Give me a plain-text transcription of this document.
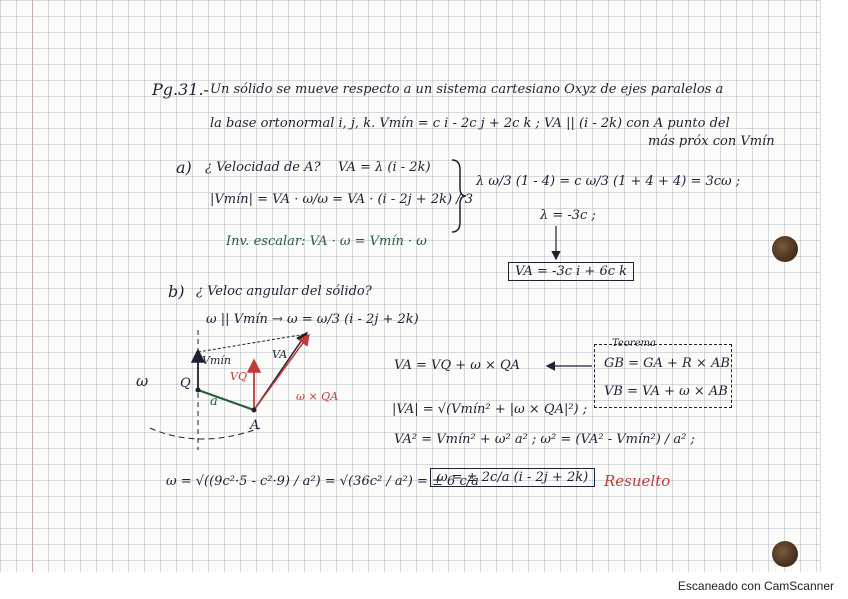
Pg.31.- Un sólido se mueve respecto a un sistema cartesiano Oxyz de ejes paralelos a
la base ortonormal i, j, k. Vmín = c i - 2c j + 2c k ; VA || (i - 2k) con A punto del
más próx con Vmín
a) ¿ Velocidad de A? VA = λ (i - 2k)
|Vmín| = VA · ω/ω = VA · (i - 2j + 2k) / 3
λ ω/3 (1 - 4) = c ω/3 (1 + 4 + 4) = 3cω ;
λ = -3c ;
Inv. escalar: VA · ω = Vmín · ω
VA = -3c i + 6c k
b) ¿ Veloc angular del sólido?
ω || Vmín → ω = ω/3 (i - 2j + 2k)
VA = VQ + ω × QA
Teorema
GB = GA + R × AB
VB = VA + ω × AB
|VA| = √(Vmín² + |ω × QA|²) ;
VA² = Vmín² + ω² a² ; ω² = (VA² - Vmín²) / a² ;
ω = √((9c²·5 - c²·9) / a²) = √(36c² / a²) = ± 6 c/a
ω = ± 2c/a (i - 2j + 2k)	Resuelto
ω Q
A
Vmín
VQ
VA
ω × QA
a
Escaneado con CamScanner
